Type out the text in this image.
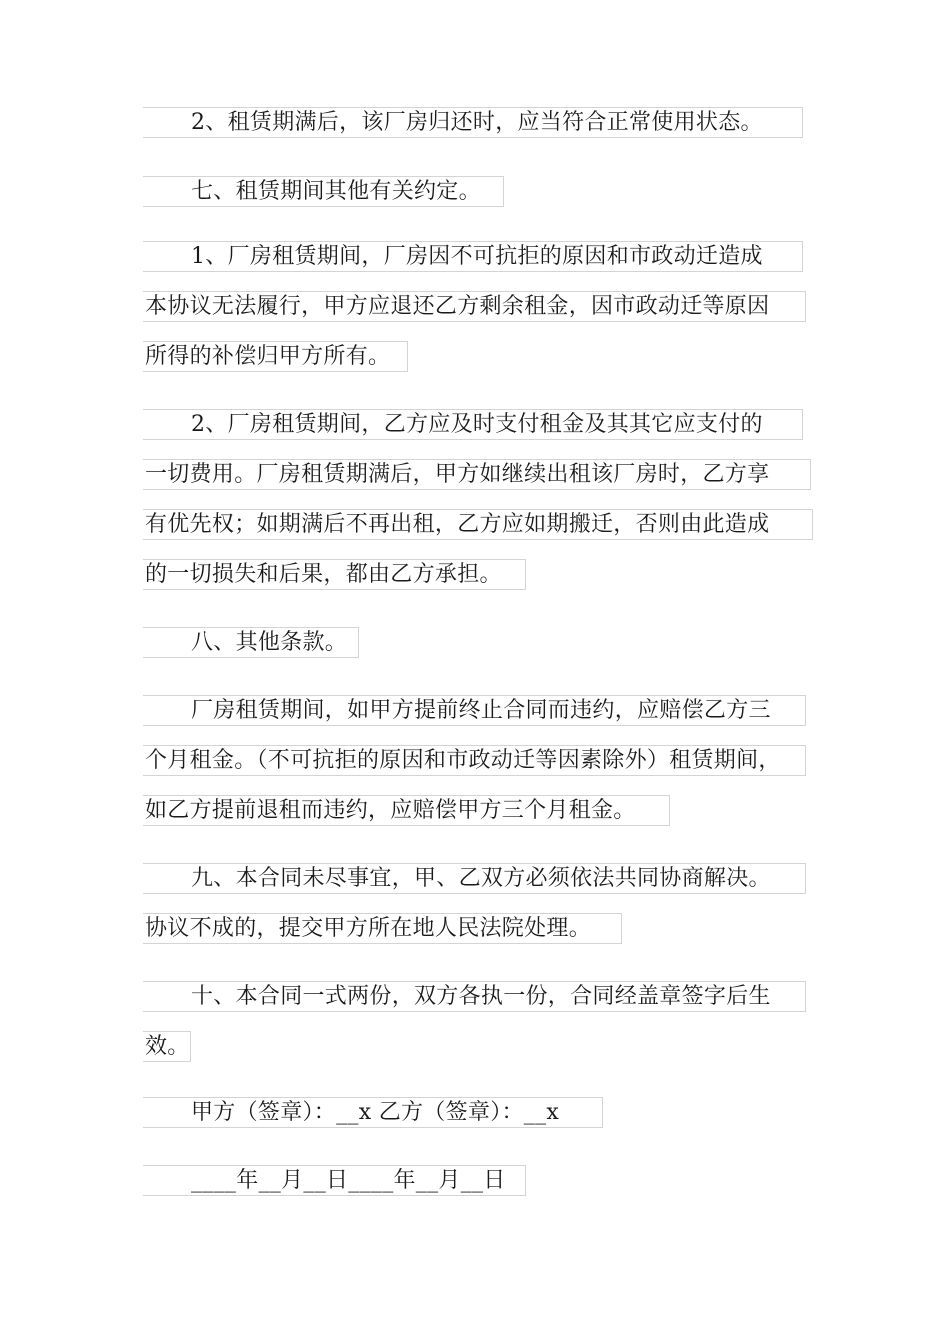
2、租赁期满后，该厂房归还时，应当符合正常使用状态。
七、租赁期间其他有关约定。
1、厂房租赁期间，厂房因不可抗拒的原因和市政动迁造成
本协议无法履行，甲方应退还乙方剩余租金，因市政动迁等原因
所得的补偿归甲方所有。
2、厂房租赁期间，乙方应及时支付租金及其其它应支付的
一切费用。厂房租赁期满后，甲方如继续出租该厂房时，乙方享
有优先权；如期满后不再出租，乙方应如期搬迁，否则由此造成
的一切损失和后果，都由乙方承担。
八、其他条款。
厂房租赁期间，如甲方提前终止合同而违约，应赔偿乙方三
个月租金。（不可抗拒的原因和市政动迁等因素除外）租赁期间，
如乙方提前退租而违约，应赔偿甲方三个月租金。
九、本合同未尽事宜，甲、乙双方必须依法共同协商解决。
协议不成的，提交甲方所在地人民法院处理。
十、本合同一式两份，双方各执一份，合同经盖章签字后生
效。
甲方（签章）：__x 乙方（签章）：__x
____年__月__日____年__月__日
